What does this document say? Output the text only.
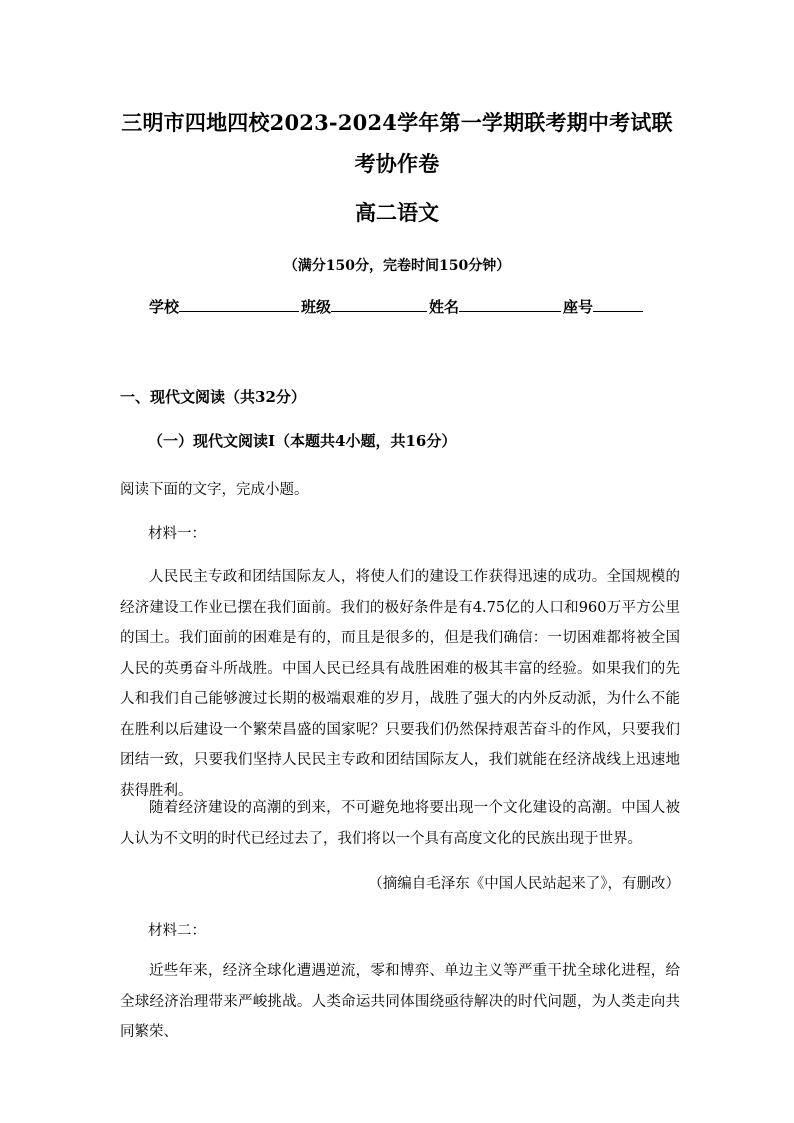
三明市四地四校2023-2024学年第一学期联考期中考试联考协作卷
高二语文
（满分150分，完卷时间150分钟）
学校	班级	姓名	座号
一、现代文阅读（共32分）
（一）现代文阅读Ⅰ（本题共4小题，共16分）
阅读下面的文字，完成小题。
材料一：
人民民主专政和团结国际友人，将使人们的建设工作获得迅速的成功。全国规模的经济建设工作业已摆在我们面前。我们的极好条件是有4.75亿的人口和960万平方公里的国土。我们面前的困难是有的，而且是很多的，但是我们确信：一切困难都将被全国人民的英勇奋斗所战胜。中国人民已经具有战胜困难的极其丰富的经验。如果我们的先人和我们自己能够渡过长期的极端艰难的岁月，战胜了强大的内外反动派，为什么不能在胜利以后建设一个繁荣昌盛的国家呢？只要我们仍然保持艰苦奋斗的作风，只要我们团结一致，只要我们坚持人民民主专政和团结国际友人，我们就能在经济战线上迅速地获得胜利。
随着经济建设的高潮的到来，不可避免地将要出现一个文化建设的高潮。中国人被人认为不文明的时代已经过去了，我们将以一个具有高度文化的民族出现于世界。
（摘编自毛泽东《中国人民站起来了》，有删改）
材料二：
近些年来，经济全球化遭遇逆流，零和博弈、单边主义等严重干扰全球化进程，给全球经济治理带来严峻挑战。人类命运共同体围绕亟待解决的时代问题，为人类走向共同繁荣、
